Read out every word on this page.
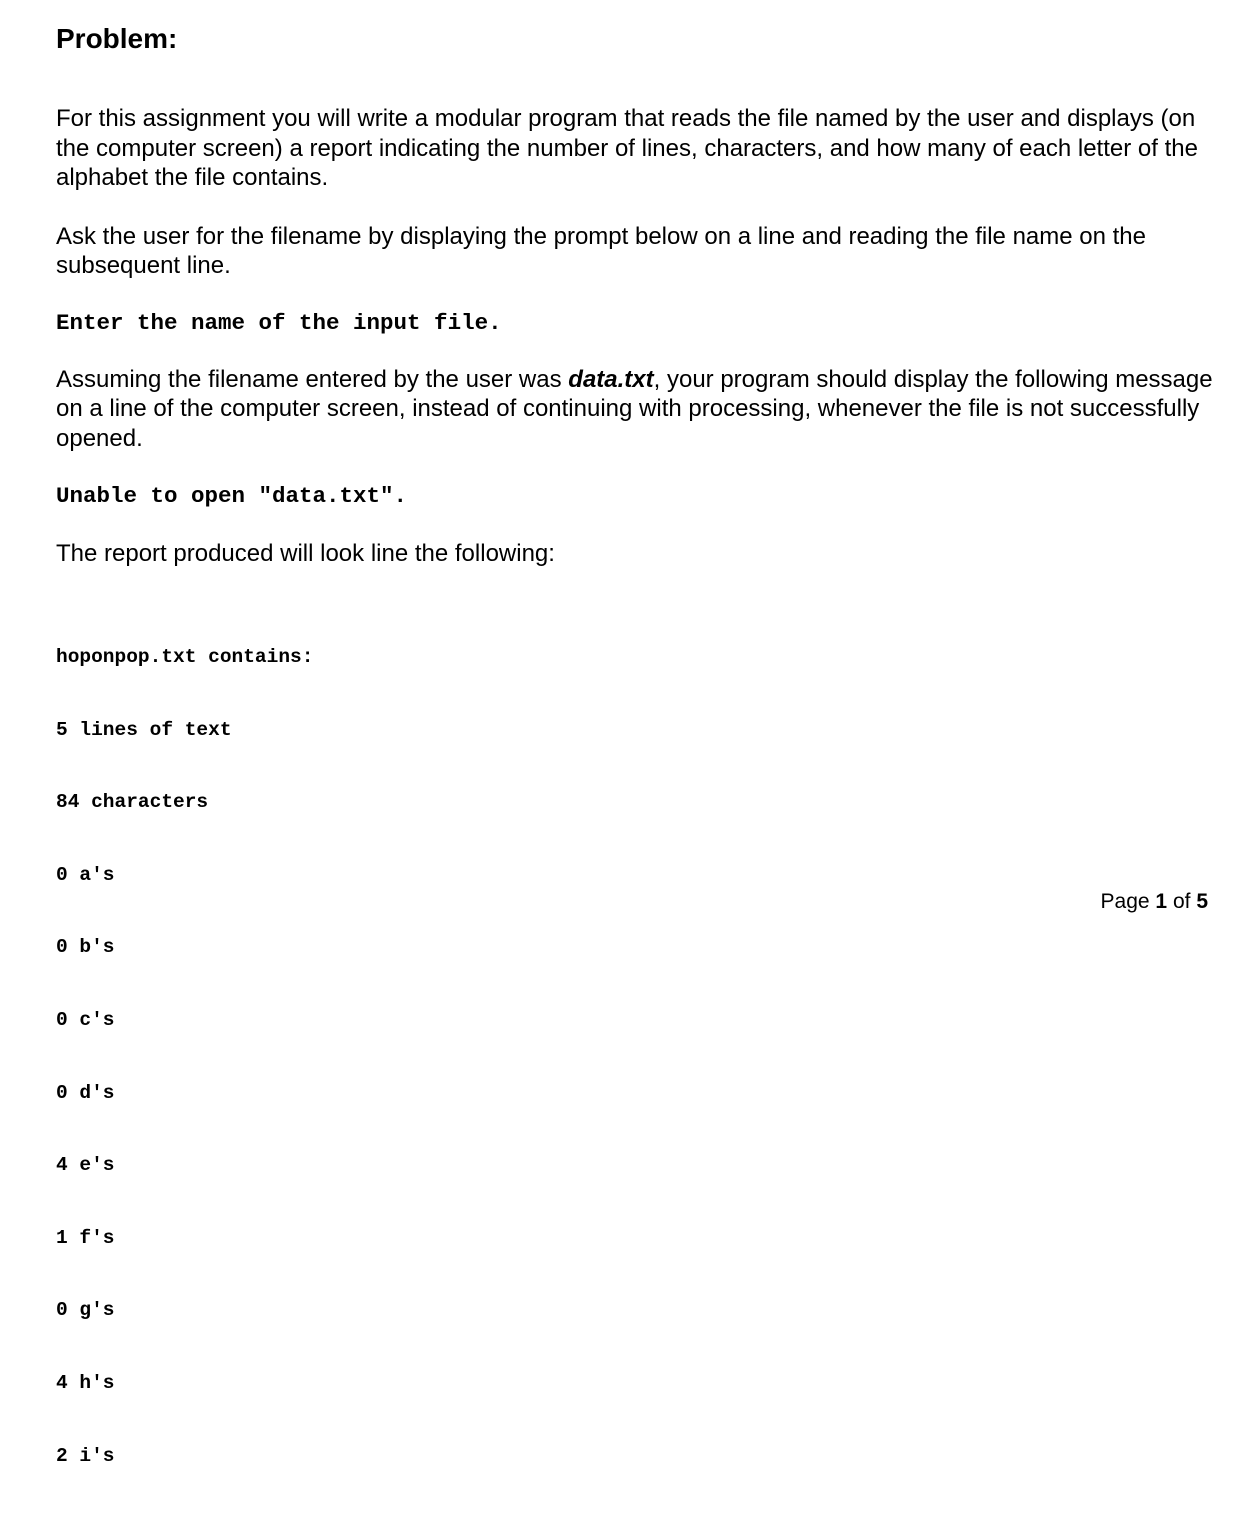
Problem:

For this assignment you will write a modular program that reads the file named by the user and displays (on the computer screen) a report indicating the number of lines, characters, and how many of each letter of the alphabet the file contains.

Ask the user for the filename by displaying the prompt below on a line and reading the file name on the subsequent line.

Enter the name of the input file.

Assuming the filename entered by the user was data.txt, your program should display the following message on a line of the computer screen, instead of continuing with processing, whenever the file is not successfully opened.

Unable to open "data.txt".

The report produced will look line the following:

hoponpop.txt contains:

5 lines of text

84 characters

0 a's

0 b's

0 c's

0 d's

4 e's

1 f's

0 g's

4 h's

2 i's

Page 1 of 5
